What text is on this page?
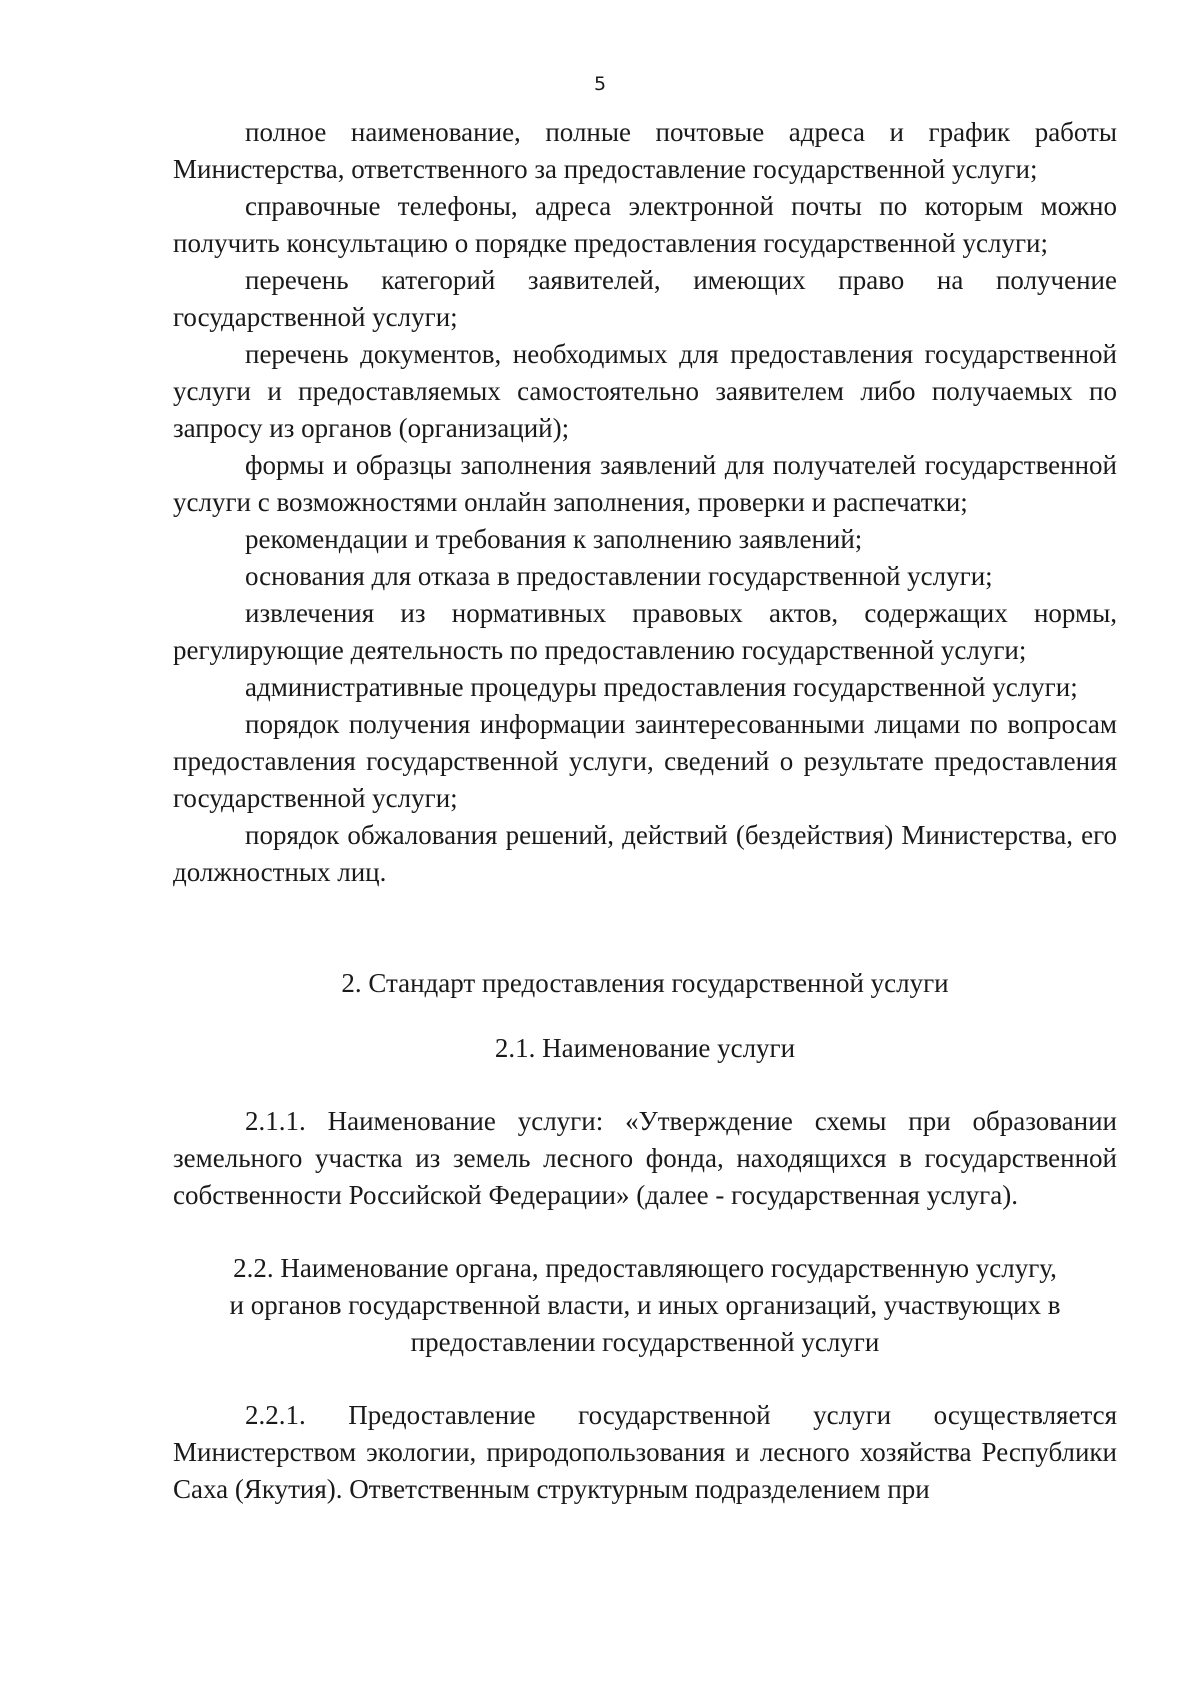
5

полное наименование, полные почтовые адреса и график работы Министерства, ответственного за предоставление государственной услуги;

справочные телефоны, адреса электронной почты по которым можно получить консультацию о порядке предоставления государственной услуги;

перечень категорий заявителей, имеющих право на получение государственной услуги;

перечень документов, необходимых для предоставления государственной услуги и предоставляемых самостоятельно заявителем либо получаемых по запросу из органов (организаций);

формы и образцы заполнения заявлений для получателей государственной услуги с возможностями онлайн заполнения, проверки и распечатки;

рекомендации и требования к заполнению заявлений;

основания для отказа в предоставлении государственной услуги;

извлечения из нормативных правовых актов, содержащих нормы, регулирующие деятельность по предоставлению государственной услуги;

административные процедуры предоставления государственной услуги;

порядок получения информации заинтересованными лицами по вопросам предоставления государственной услуги, сведений о результате предоставления государственной услуги;

порядок обжалования решений, действий (бездействия) Министерства, его должностных лиц.

2. Стандарт предоставления государственной услуги

2.1. Наименование услуги

2.1.1. Наименование услуги: «Утверждение схемы при образовании земельного участка из земель лесного фонда, находящихся в государственной собственности Российской Федерации» (далее - государственная услуга).

2.2. Наименование органа, предоставляющего государственную услугу,

и органов государственной власти, и иных организаций, участвующих в

предоставлении государственной услуги

2.2.1. Предоставление государственной услуги осуществляется Министерством экологии, природопользования и лесного хозяйства Республики Саха (Якутия). Ответственным структурным подразделением при
